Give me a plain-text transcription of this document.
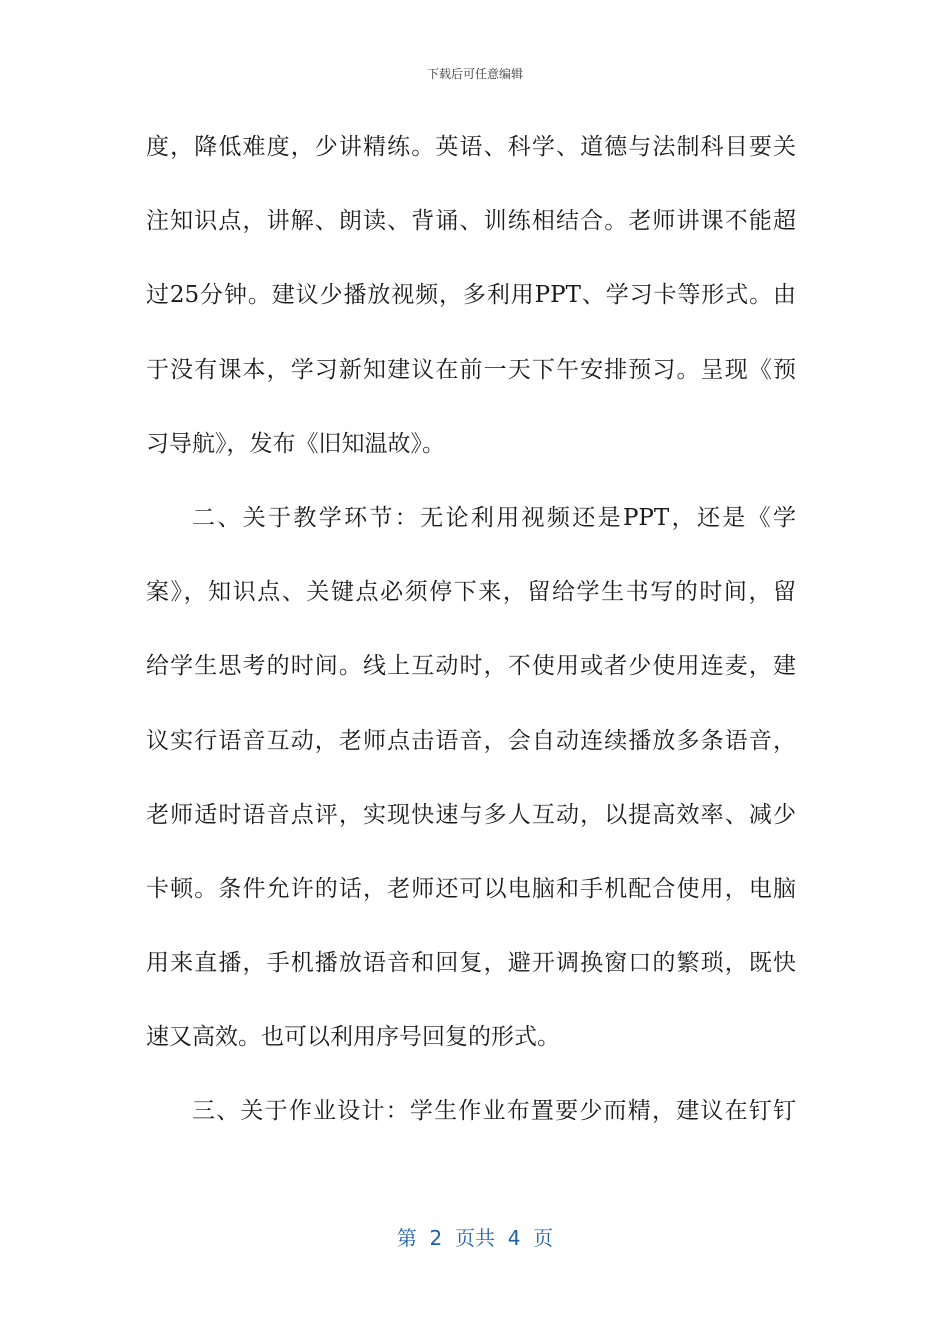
下载后可任意编辑
度，降低难度，少讲精练。英语、科学、道德与法制科目要关
注知识点，讲解、朗读、背诵、训练相结合。老师讲课不能超
过25分钟。建议少播放视频，多利用PPT、学习卡等形式。由
于没有课本，学习新知建议在前一天下午安排预习。呈现《预
习导航》，发布《旧知温故》。
二、关于教学环节：无论利用视频还是PPT，还是《学
案》，知识点、关键点必须停下来，留给学生书写的时间，留
给学生思考的时间。线上互动时，不使用或者少使用连麦，建
议实行语音互动，老师点击语音，会自动连续播放多条语音，
老师适时语音点评，实现快速与多人互动，以提高效率、减少
卡顿。条件允许的话，老师还可以电脑和手机配合使用，电脑
用来直播，手机播放语音和回复，避开调换窗口的繁琐，既快
速又高效。也可以利用序号回复的形式。
三、关于作业设计：学生作业布置要少而精，建议在钉钉
第  2  页共  4  页
